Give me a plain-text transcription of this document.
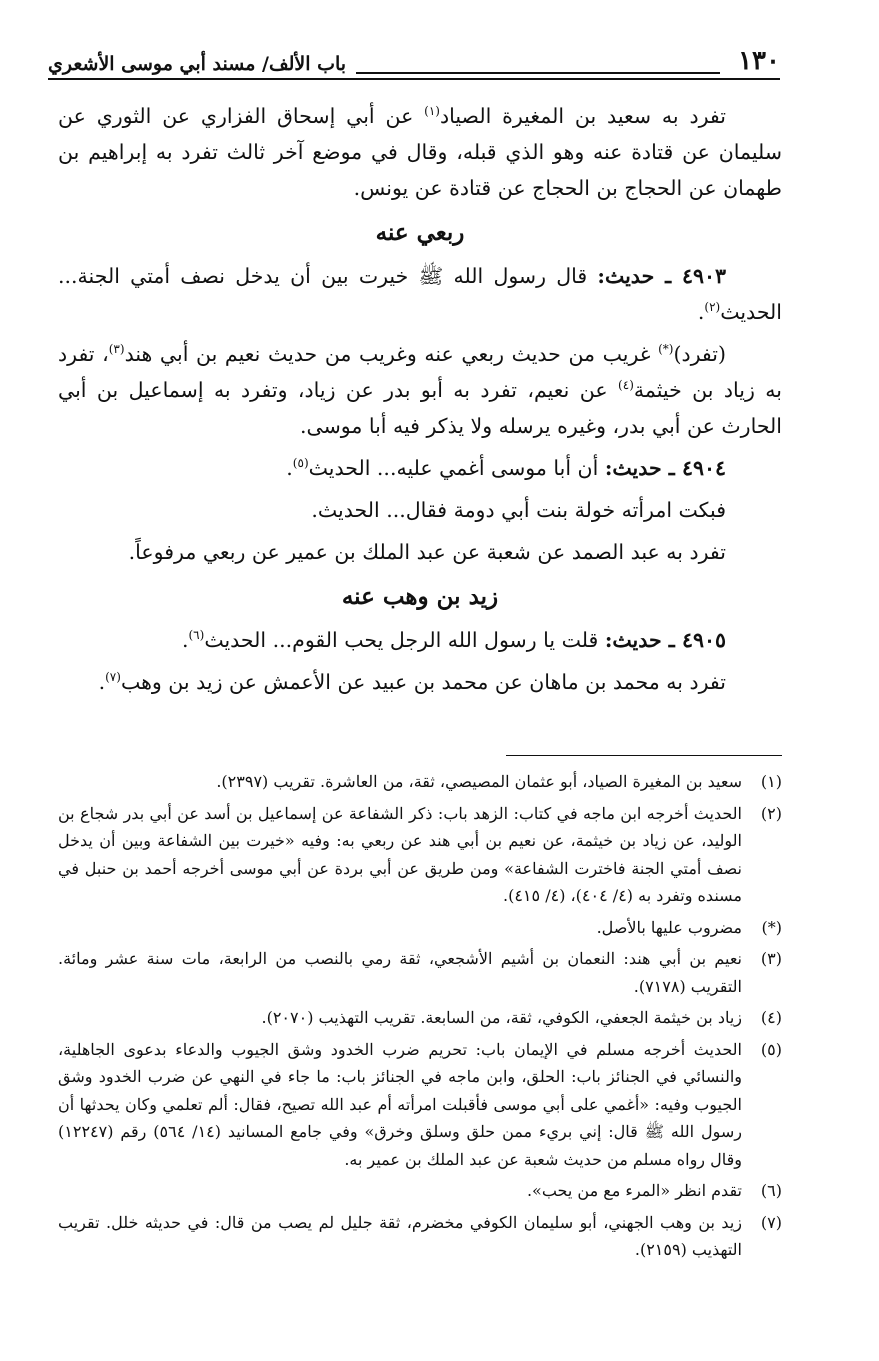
١٣٠
باب الألف/ مسند أبي موسى الأشعري

تفرد به سعيد بن المغيرة الصياد$^{(١)}$ عن أبي إسحاق الفزاري عن الثوري عن سليمان عن قتادة عنه وهو الذي قبله، وقال في موضع آخر ثالث تفرد به إبراهيم بن طهمان عن الحجاج بن الحجاج عن قتادة عن يونس.

ربعي عنه

٤٩٠٣ ـ حديث: قال رسول الله ﷺ خيرت بين أن يدخل نصف أمتي الجنة... الحديث$^{(٢)}$.

(تفرد)(*) غريب من حديث ربعي عنه وغريب من حديث نعيم بن أبي هند$^{(٣)}$، تفرد به زياد بن خيثمة$^{(٤)}$ عن نعيم، تفرد به أبو بدر عن زياد، وتفرد به إسماعيل بن أبي الحارث عن أبي بدر، وغيره يرسله ولا يذكر فيه أبا موسى.

٤٩٠٤ ـ حديث: أن أبا موسى أغمي عليه... الحديث$^{(٥)}$.

فبكت امرأته خولة بنت أبي دومة فقال... الحديث.

تفرد به عبد الصمد عن شعبة عن عبد الملك بن عمير عن ربعي مرفوعاً.

زيد بن وهب عنه

٤٩٠٥ ـ حديث: قلت يا رسول الله الرجل يحب القوم... الحديث$^{(٦)}$.

تفرد به محمد بن ماهان عن محمد بن عبيد عن الأعمش عن زيد بن وهب$^{(٧)}$.

(١)
سعيد بن المغيرة الصياد، أبو عثمان المصيصي، ثقة، من العاشرة. تقريب (٢٣٩٧).
(٢)
الحديث أخرجه ابن ماجه في كتاب: الزهد باب: ذكر الشفاعة عن إسماعيل بن أسد عن أبي بدر شجاع بن الوليد، عن زياد بن خيثمة، عن نعيم بن أبي هند عن ربعي به: وفيه «خيرت بين الشفاعة وبين أن يدخل نصف أمتي الجنة فاخترت الشفاعة» ومن طريق عن أبي بردة عن أبي موسى أخرجه أحمد بن حنبل في مسنده وتفرد به (٤/ ٤٠٤)، (٤/ ٤١٥).
(*)
مضروب عليها بالأصل.
(٣)
نعيم بن أبي هند: النعمان بن أشيم الأشجعي، ثقة رمي بالنصب من الرابعة، مات سنة عشر ومائة. التقريب (٧١٧٨).
(٤)
زياد بن خيثمة الجعفي، الكوفي، ثقة، من السابعة. تقريب التهذيب (٢٠٧٠).
(٥)
الحديث أخرجه مسلم في الإيمان باب: تحريم ضرب الخدود وشق الجيوب والدعاء بدعوى الجاهلية، والنسائي في الجنائز باب: الحلق، وابن ماجه في الجنائز باب: ما جاء في النهي عن ضرب الخدود وشق الجيوب وفيه: «أغمي على أبي موسى فأقبلت امرأته أم عبد الله تصيح، فقال: ألم تعلمي وكان يحدثها أن رسول الله ﷺ قال: إني بريء ممن حلق وسلق وخرق» وفي جامع المسانيد (١٤/ ٥٦٤) رقم (١٢٢٤٧) وقال رواه مسلم من حديث شعبة عن عبد الملك بن عمير به.
(٦)
تقدم انظر «المرء مع من يحب».
(٧)
زيد بن وهب الجهني، أبو سليمان الكوفي مخضرم، ثقة جليل لم يصب من قال: في حديثه خلل. تقريب التهذيب (٢١٥٩).
